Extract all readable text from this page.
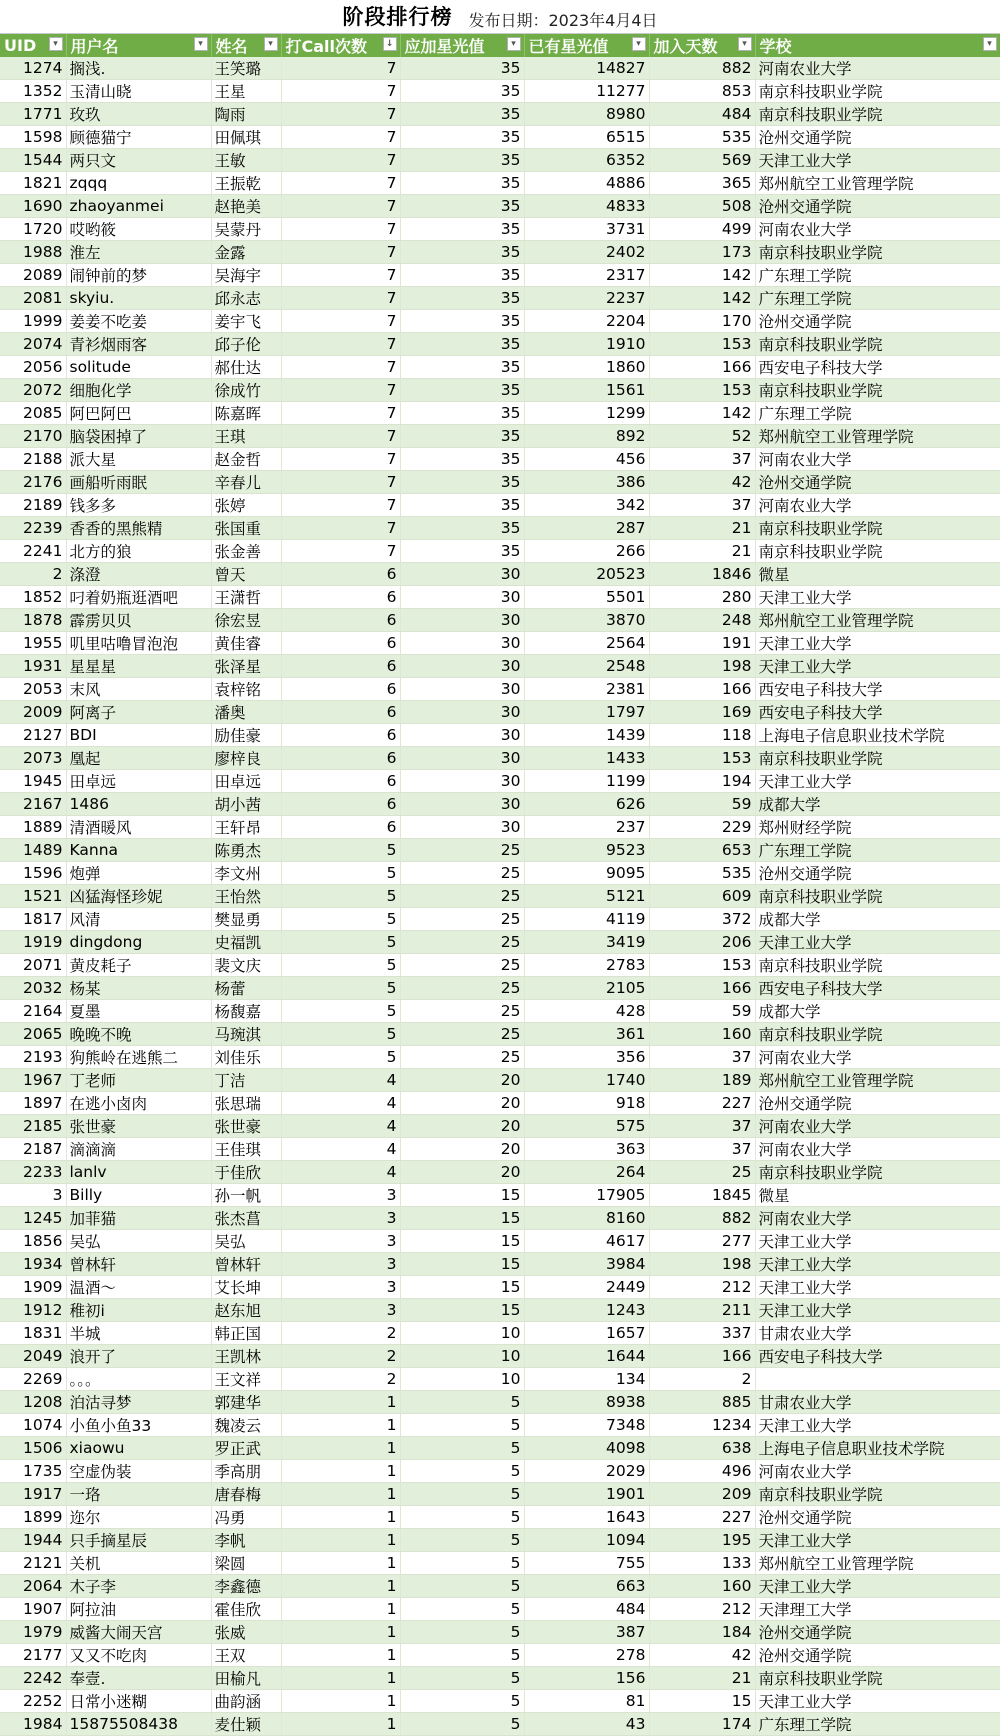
阶段排行榜 发布日期：2023年4月4日
UID ▾	用户名 ▾	姓名 ▾	打Call次数 ↓	应加星光值 ▾	已有星光值 ▾	加入天数 ▾	学校 ▾

1274	搁浅.	王笑璐	7	35	14827	882	河南农业大学
1352	玉清山晓	王星	7	35	11277	853	南京科技职业学院
1771	玫玖	陶雨	7	35	8980	484	南京科技职业学院
1598	顾德猫宁	田佩琪	7	35	6515	535	沧州交通学院
1544	两只文	王敏	7	35	6352	569	天津工业大学
1821	zqqq	王振乾	7	35	4886	365	郑州航空工业管理学院
1690	zhaoyanmei	赵艳美	7	35	4833	508	沧州交通学院
1720	哎哟筱	吴蒙丹	7	35	3731	499	河南农业大学
1988	淮左	金露	7	35	2402	173	南京科技职业学院
2089	闹钟前的梦	吴海宇	7	35	2317	142	广东理工学院
2081	skyiu.	邱永志	7	35	2237	142	广东理工学院
1999	姜姜不吃姜	姜宇飞	7	35	2204	170	沧州交通学院
2074	青衫烟雨客	邱子伦	7	35	1910	153	南京科技职业学院
2056	solitude	郝仕达	7	35	1860	166	西安电子科技大学
2072	细胞化学	徐成竹	7	35	1561	153	南京科技职业学院
2085	阿巴阿巴	陈嘉晖	7	35	1299	142	广东理工学院
2170	脑袋困掉了	王琪	7	35	892	52	郑州航空工业管理学院
2188	派大星	赵金哲	7	35	456	37	河南农业大学
2176	画船听雨眠	辛春儿	7	35	386	42	沧州交通学院
2189	钱多多	张婷	7	35	342	37	河南农业大学
2239	香香的黑熊精	张国重	7	35	287	21	南京科技职业学院
2241	北方的狼	张金善	7	35	266	21	南京科技职业学院
2	涤澄	曾天	6	30	20523	1846	微星
1852	叼着奶瓶逛酒吧	王潇哲	6	30	5501	280	天津工业大学
1878	霹雳贝贝	徐宏昱	6	30	3870	248	郑州航空工业管理学院
1955	叽里咕噜冒泡泡	黄佳睿	6	30	2564	191	天津工业大学
1931	星星星	张泽星	6	30	2548	198	天津工业大学
2053	末风	袁梓铭	6	30	2381	166	西安电子科技大学
2009	阿离子	潘奥	6	30	1797	169	西安电子科技大学
2127	BDI	励佳豪	6	30	1439	118	上海电子信息职业技术学院
2073	凰起	廖梓良	6	30	1433	153	南京科技职业学院
1945	田卓远	田卓远	6	30	1199	194	天津工业大学
2167	1486	胡小茜	6	30	626	59	成都大学
1889	清酒暖风	王轩昂	6	30	237	229	郑州财经学院
1489	Kanna	陈勇杰	5	25	9523	653	广东理工学院
1596	炮弹	李文州	5	25	9095	535	沧州交通学院
1521	凶猛海怪珍妮	王怡然	5	25	5121	609	南京科技职业学院
1817	风清	樊显勇	5	25	4119	372	成都大学
1919	dingdong	史福凯	5	25	3419	206	天津工业大学
2071	黄皮耗子	裴文庆	5	25	2783	153	南京科技职业学院
2032	杨某	杨蕾	5	25	2105	166	西安电子科技大学
2164	夏墨	杨馥嘉	5	25	428	59	成都大学
2065	晚晚不晚	马琬淇	5	25	361	160	南京科技职业学院
2193	狗熊岭在逃熊二	刘佳乐	5	25	356	37	河南农业大学
1967	丁老师	丁洁	4	20	1740	189	郑州航空工业管理学院
1897	在逃小卤肉	张思瑞	4	20	918	227	沧州交通学院
2185	张世豪	张世豪	4	20	575	37	河南农业大学
2187	滴滴滴	王佳琪	4	20	363	37	河南农业大学
2233	lanlv	于佳欣	4	20	264	25	南京科技职业学院
3	Billy	孙一帆	3	15	17905	1845	微星
1245	加菲猫	张杰菖	3	15	8160	882	河南农业大学
1856	吴弘	吴弘	3	15	4617	277	天津工业大学
1934	曾林轩	曾林轩	3	15	3984	198	天津工业大学
1909	温酒～	艾长坤	3	15	2449	212	天津工业大学
1912	稚初i	赵东旭	3	15	1243	211	天津工业大学
1831	半城	韩正国	2	10	1657	337	甘肃农业大学
2049	浪开了	王凯林	2	10	1644	166	西安电子科技大学
2269	。。。	王文祥	2	10	134	2	
1208	泊沽寻梦	郭建华	1	5	8938	885	甘肃农业大学
1074	小鱼小鱼33	魏凌云	1	5	7348	1234	天津工业大学
1506	xiaowu	罗正武	1	5	4098	638	上海电子信息职业技术学院
1735	空虚伪装	季高朋	1	5	2029	496	河南农业大学
1917	一珞	唐春梅	1	5	1901	209	南京科技职业学院
1899	迩尔	冯勇	1	5	1643	227	沧州交通学院
1944	只手摘星辰	李帆	1	5	1094	195	天津工业大学
2121	关机	梁圆	1	5	755	133	郑州航空工业管理学院
2064	木子李	李鑫德	1	5	663	160	天津工业大学
1907	阿拉油	霍佳欣	1	5	484	212	天津理工大学
1979	威酱大闹天宫	张威	1	5	387	184	沧州交通学院
2177	又又不吃肉	王双	1	5	278	42	沧州交通学院
2242	奉壹.	田榆凡	1	5	156	21	南京科技职业学院
2252	日常小迷糊	曲韵涵	1	5	81	15	天津工业大学
1984	15875508438	麦仕颖	1	5	43	174	广东理工学院
